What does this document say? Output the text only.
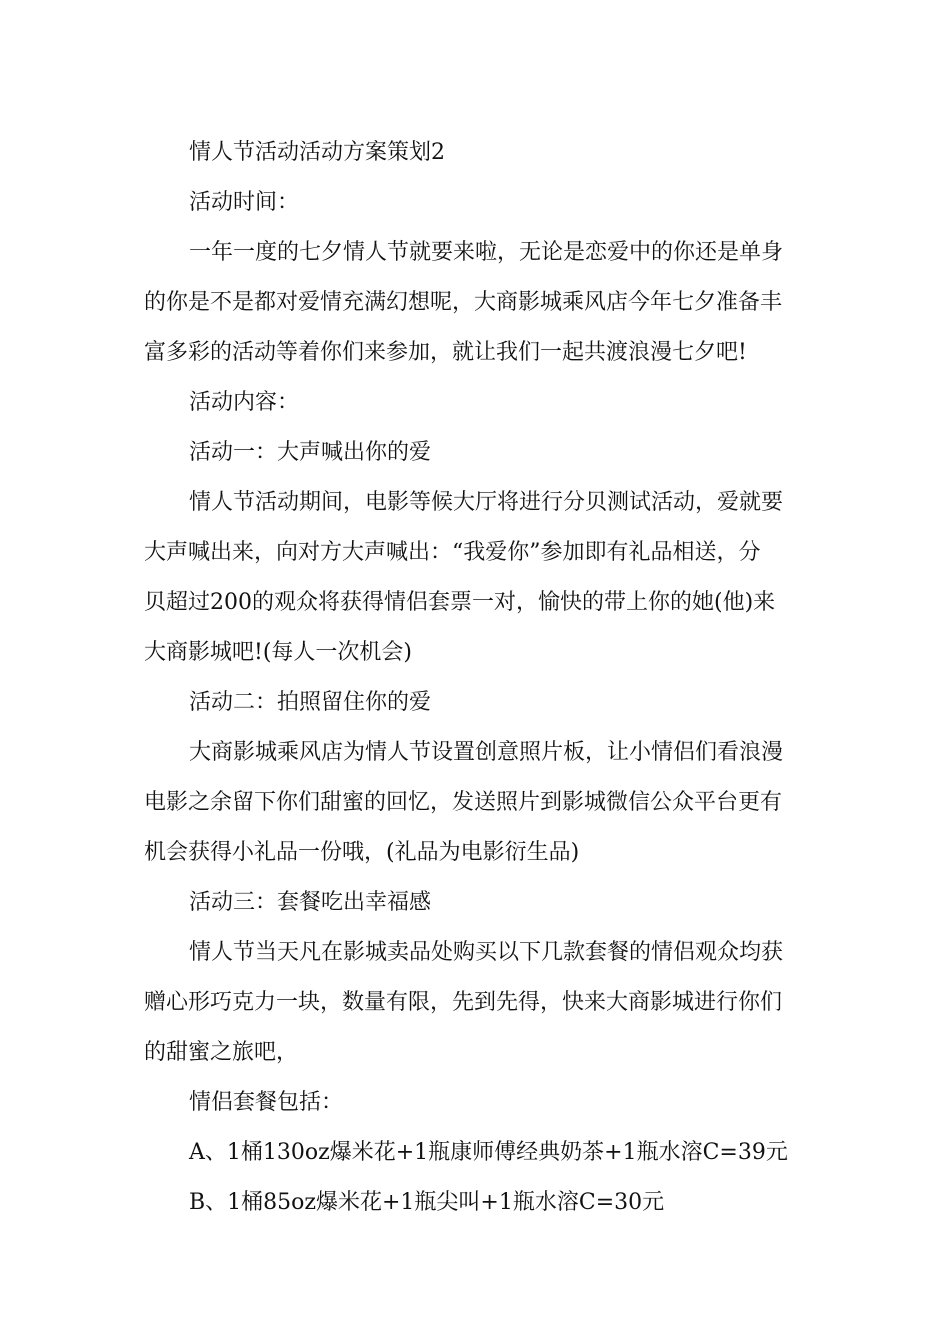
情人节活动活动方案策划2

活动时间：

一年一度的七夕情人节就要来啦，无论是恋爱中的你还是单身
的你是不是都对爱情充满幻想呢，大商影城乘风店今年七夕准备丰
富多彩的活动等着你们来参加，就让我们一起共渡浪漫七夕吧!

活动内容：

活动一：大声喊出你的爱

情人节活动期间，电影等候大厅将进行分贝测试活动，爱就要
大声喊出来，向对方大声喊出：“我爱你”参加即有礼品相送，分
贝超过200的观众将获得情侣套票一对，愉快的带上你的她(他)来
大商影城吧!(每人一次机会)

活动二：拍照留住你的爱

大商影城乘风店为情人节设置创意照片板，让小情侣们看浪漫
电影之余留下你们甜蜜的回忆，发送照片到影城微信公众平台更有
机会获得小礼品一份哦，(礼品为电影衍生品)

活动三：套餐吃出幸福感

情人节当天凡在影城卖品处购买以下几款套餐的情侣观众均获
赠心形巧克力一块，数量有限，先到先得，快来大商影城进行你们
的甜蜜之旅吧，

情侣套餐包括：

A、1桶130oz爆米花+1瓶康师傅经典奶茶+1瓶水溶C=39元

B、1桶85oz爆米花+1瓶尖叫+1瓶水溶C=30元
